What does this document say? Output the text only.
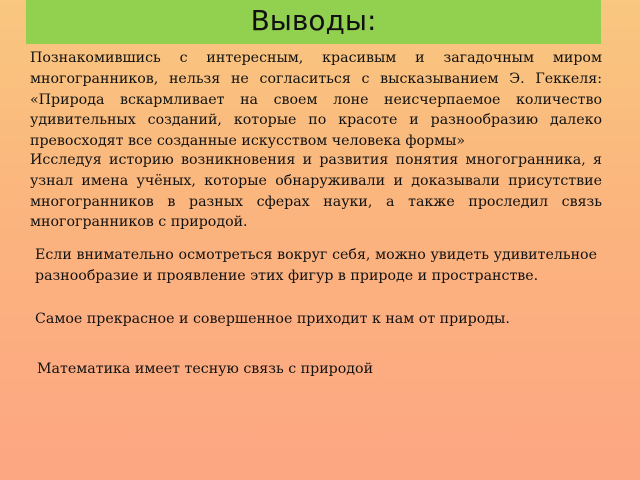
Выводы:

Познакомившись с интересным, красивым и загадочным миром многогранников, нельзя не согласиться с высказыванием Э. Геккеля: «Природа вскармливает на своем лоне неисчерпаемое количество удивительных созданий, которые по красоте и разнообразию далеко превосходят все созданные искусством человека формы»

Исследуя историю возникновения и развития понятия многогранника, я узнал имена учёных, которые обнаруживали и доказывали присутствие многогранников в разных сферах науки, а также проследил связь многогранников с природой.

Если внимательно осмотреться вокруг себя, можно увидеть удивительное разнообразие и проявление этих фигур в природе и пространстве.

Самое прекрасное и совершенное приходит к нам от природы.

Математика имеет тесную связь с природой
